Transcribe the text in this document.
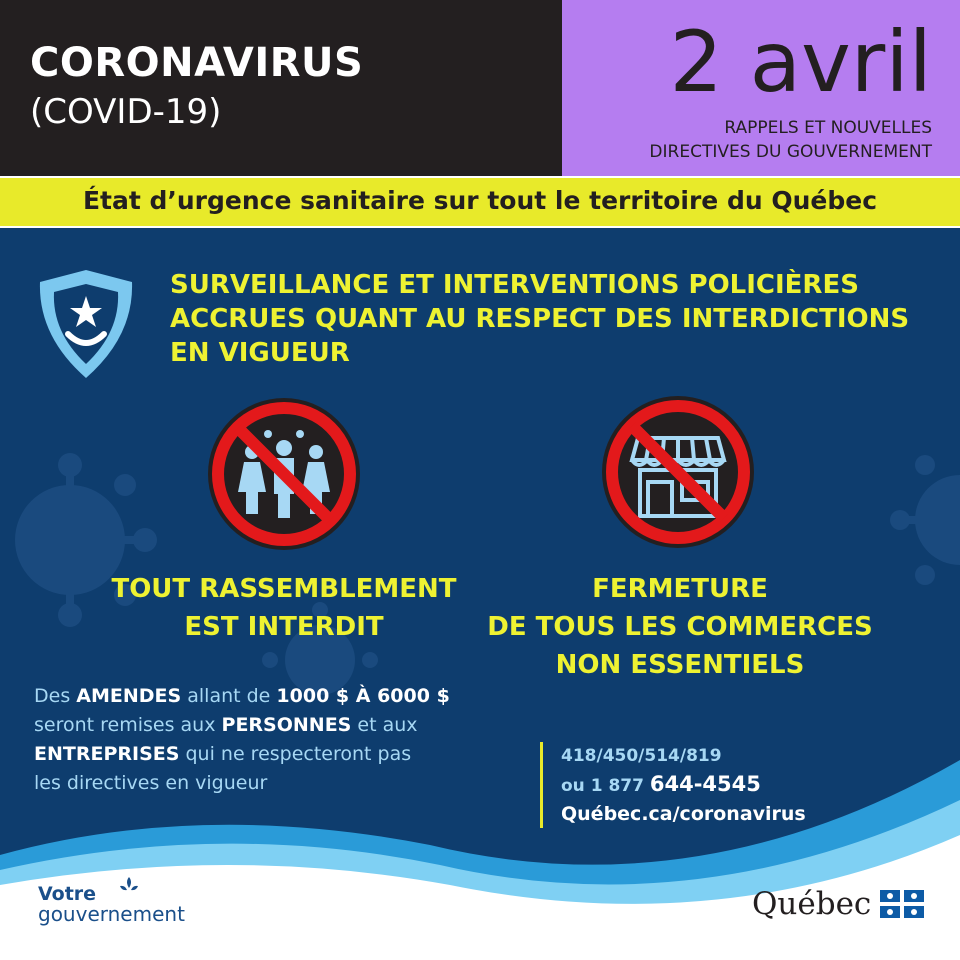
CORONAVIRUS
(COVID-19)
2 avril
RAPPELS ET NOUVELLES
DIRECTIVES DU GOUVERNEMENT
État d’urgence sanitaire sur tout le territoire du Québec
SURVEILLANCE ET INTERVENTIONS POLICIÈRES
ACCRUES QUANT AU RESPECT DES INTERDICTIONS
EN VIGUEUR
TOUT RASSEMBLEMENT
EST INTERDIT
FERMETURE
DE TOUS LES COMMERCES
NON ESSENTIELS
Des AMENDES allant de 1000 $ À 6000 $
seront remises aux PERSONNES et aux
ENTREPRISES qui ne respecteront pas
les directives en vigueur
418/450/514/819
ou 1 877 644-4545
Québec.ca/coronavirus
Votre
gouvernement	Québec
